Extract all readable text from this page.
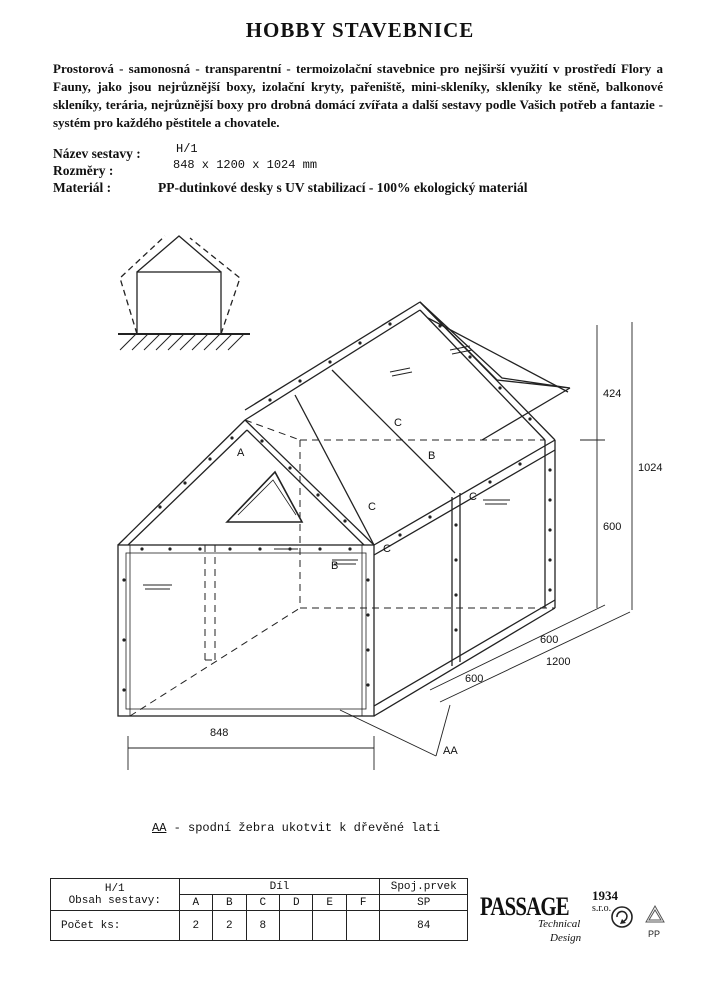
HOBBY STAVEBNICE
Prostorová - samonosná - transparentní - termoizolační stavebnice pro nejširší využití v prostředí Flory a Fauny, jako jsou nejrůznější boxy, izolační kryty, pařeniště, mini-skleníky, skleníky ke stěně, balkonové skleníky, terária, nejrůznější boxy pro drobná domácí zvířata a další sestavy podle Vašich potřeb a fantazie - systém pro každého pěstitele a chovatele.
Název sestavy :	H/1
Rozměry :	848 x 1200 x 1024 mm
Materiál :	PP-dutinkové desky s UV stabilizací - 100% ekologický materiál
A
B
B
C
C
C
C
AA
424
600
1024
600
600
1200
848
AA - spodní žebra ukotvit k dřevěné lati
H/1
Obsah sestavy:	Díl						Spoj.prvek
	A	B	C	D	E	F	SP
Počet ks:	2	2	8				84
PASSAGE 1934
s.r.o.
Technical
Design	PP
